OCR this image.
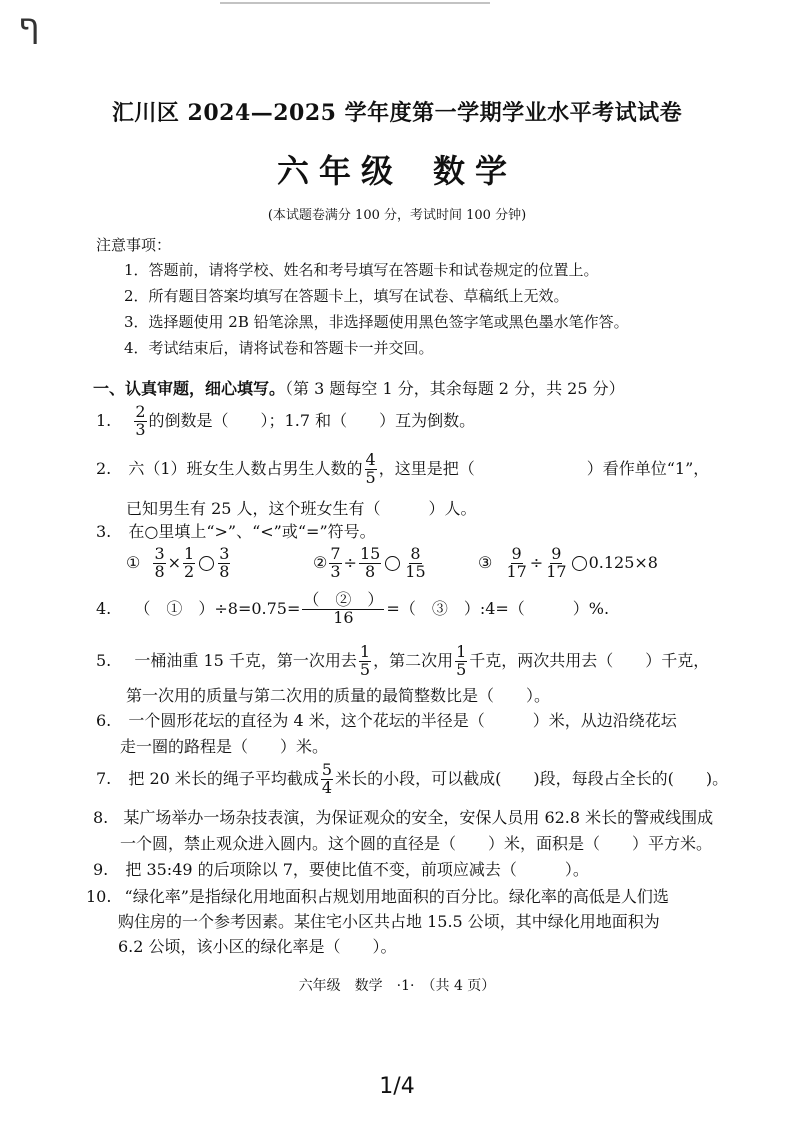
ף
汇川区 2024—2025 学年度第一学期学业水平考试试卷
六年级 数学
(本试题卷满分 100 分，考试时间 100 分钟)
注意事项：
1．答题前，请将学校、姓名和考号填写在答题卡和试卷规定的位置上。
2．所有题目答案均填写在答题卡上，填写在试卷、草稿纸上无效。
3．选择题使用 2B 铅笔涂黑，非选择题使用黑色签字笔或黑色墨水笔作答。
4．考试结束后，请将试卷和答题卡一并交回。
一、认真审题，细心填写。（第 3 题每空 1 分，其余每题 2 分，共 25 分）
1. $\frac{2}{3}$ 的倒数是（　　）；1.7 和（　　）互为倒数。
2. 六（1）班女生人数占男生人数的 $\frac{4}{5}$ ，这里是把（　　　　　　　）看作单位“1”，
已知男生有 25 人，这个班女生有（　　　）人。
3. 在○里填上“>”、“<”或“=”符号。
① $\frac{3}{8} \times \frac{1}{2} \frac{3}{8}$	② $\frac{7}{3} \div \frac{15}{8} \frac{8}{15}$	③ $\frac{9}{17} \div \frac{9}{17} 0.125\times 8$
4. （　①　）$\div 8=0.75= \frac{\text{（　②　）}}{16}$ =（　③　）:4=（　　　）%.
5. 一桶油重 15 千克，第一次用去 $\frac{1}{5}$ ，第二次用 $\frac{1}{5}$ 千克，两次共用去（　　）千克，
第一次用的质量与第二次用的质量的最简整数比是（　　）。
6. 一个圆形花坛的直径为 4 米，这个花坛的半径是（　　　）米，从边沿绕花坛
走一圈的路程是（　　）米。
7. 把 20 米长的绳子平均截成 $\frac{5}{4}$ 米长的小段，可以截成(　　)段，每段占全长的(　　)。
8. 某广场举办一场杂技表演，为保证观众的安全，安保人员用 62.8 米长的警戒线围成
一个圆，禁止观众进入圆内。这个圆的直径是（　　）米，面积是（　　）平方米。
9. 把 35:49 的后项除以 7，要使比值不变，前项应减去（　　　）。
10. “绿化率”是指绿化用地面积占规划用地面积的百分比。绿化率的高低是人们选
购住房的一个参考因素。某住宅小区共占地 15.5 公顷，其中绿化用地面积为
6.2 公顷，该小区的绿化率是（　　）。
六年级　数学　·1·　（共 4 页）
1/4
